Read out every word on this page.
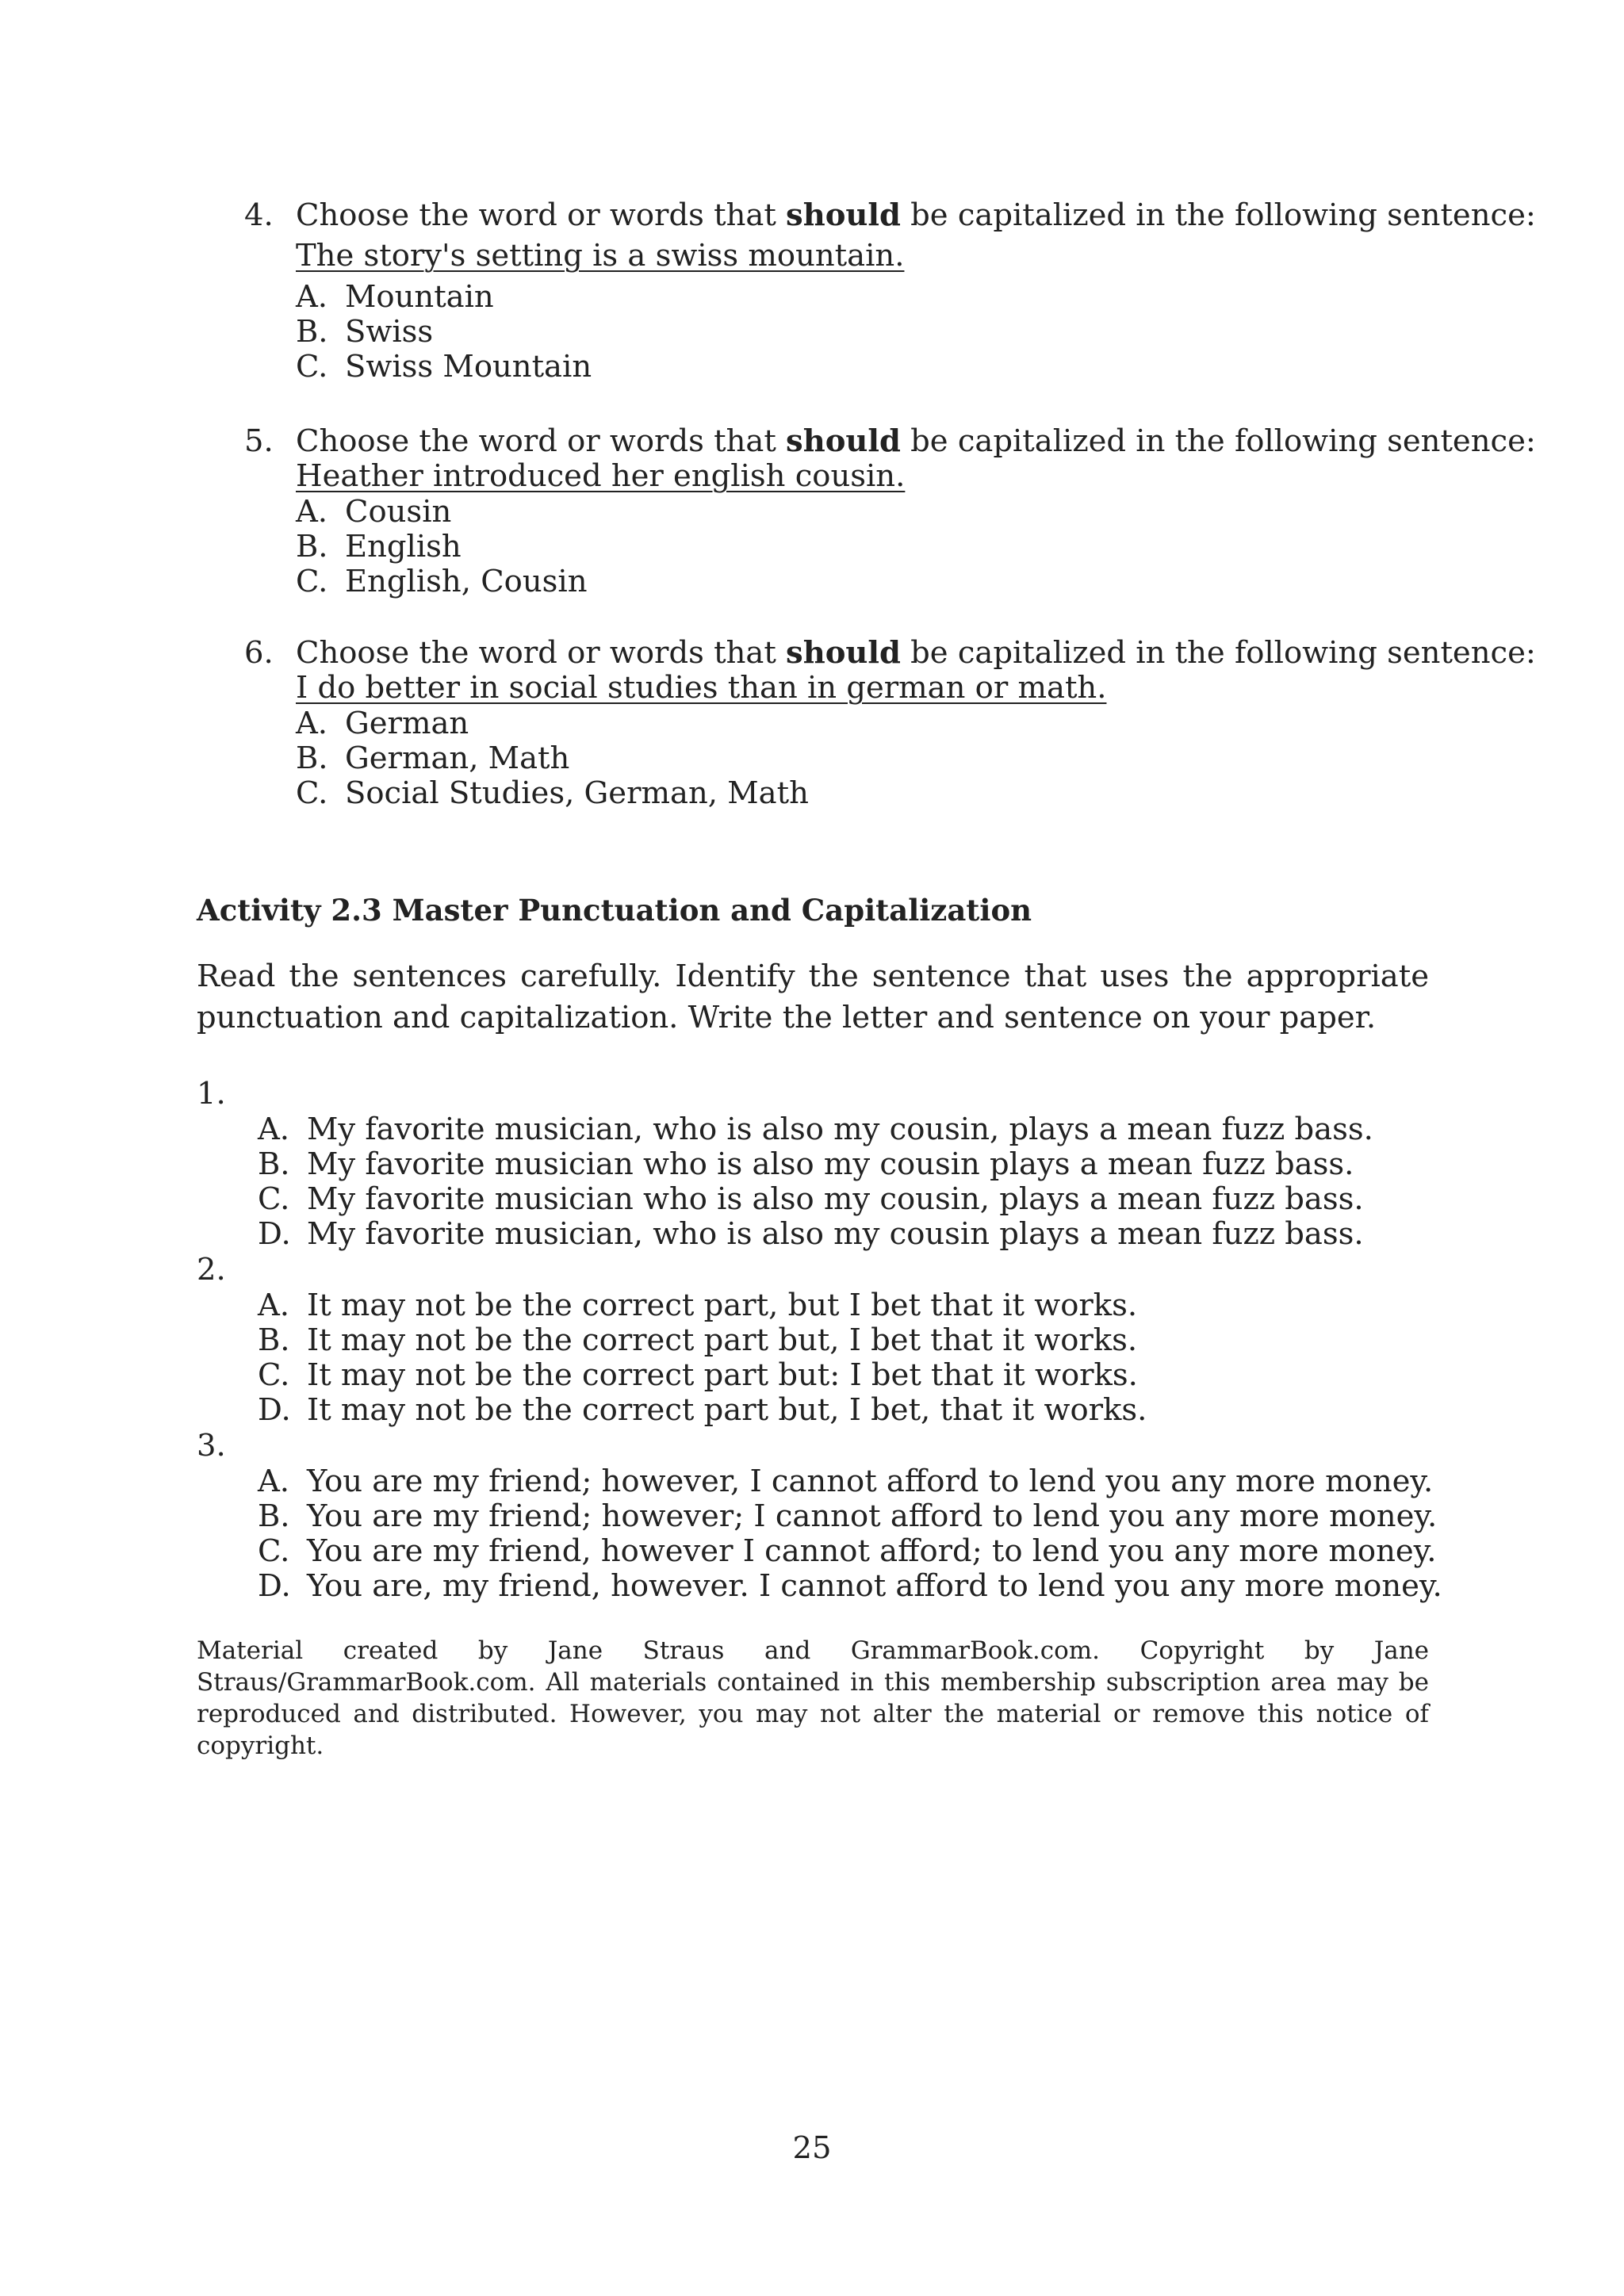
4. Choose the word or words that should be capitalized in the following sentence:
The story's setting is a swiss mountain.
A. Mountain
B. Swiss
C. Swiss Mountain
5. Choose the word or words that should be capitalized in the following sentence:
Heather introduced her english cousin.
A. Cousin
B. English
C. English, Cousin
6. Choose the word or words that should be capitalized in the following sentence:
I do better in social studies than in german or math.
A. German
B. German, Math
C. Social Studies, German, Math
Activity 2.3 Master Punctuation and Capitalization
Read the sentences carefully. Identify the sentence that uses the appropriate punctuation and capitalization. Write the letter and sentence on your paper.
1.
A. My favorite musician, who is also my cousin, plays a mean fuzz bass.
B. My favorite musician who is also my cousin plays a mean fuzz bass.
C. My favorite musician who is also my cousin, plays a mean fuzz bass.
D. My favorite musician, who is also my cousin plays a mean fuzz bass.
2.
A. It may not be the correct part, but I bet that it works.
B. It may not be the correct part but, I bet that it works.
C. It may not be the correct part but: I bet that it works.
D. It may not be the correct part but, I bet, that it works.
3.
A. You are my friend; however, I cannot afford to lend you any more money.
B. You are my friend; however; I cannot afford to lend you any more money.
C. You are my friend, however I cannot afford; to lend you any more money.
D. You are, my friend, however. I cannot afford to lend you any more money.
Material created by Jane Straus and GrammarBook.com. Copyright by Jane Straus/GrammarBook.com. All materials contained in this membership subscription area may be reproduced and distributed. However, you may not alter the material or remove this notice of copyright.
25
